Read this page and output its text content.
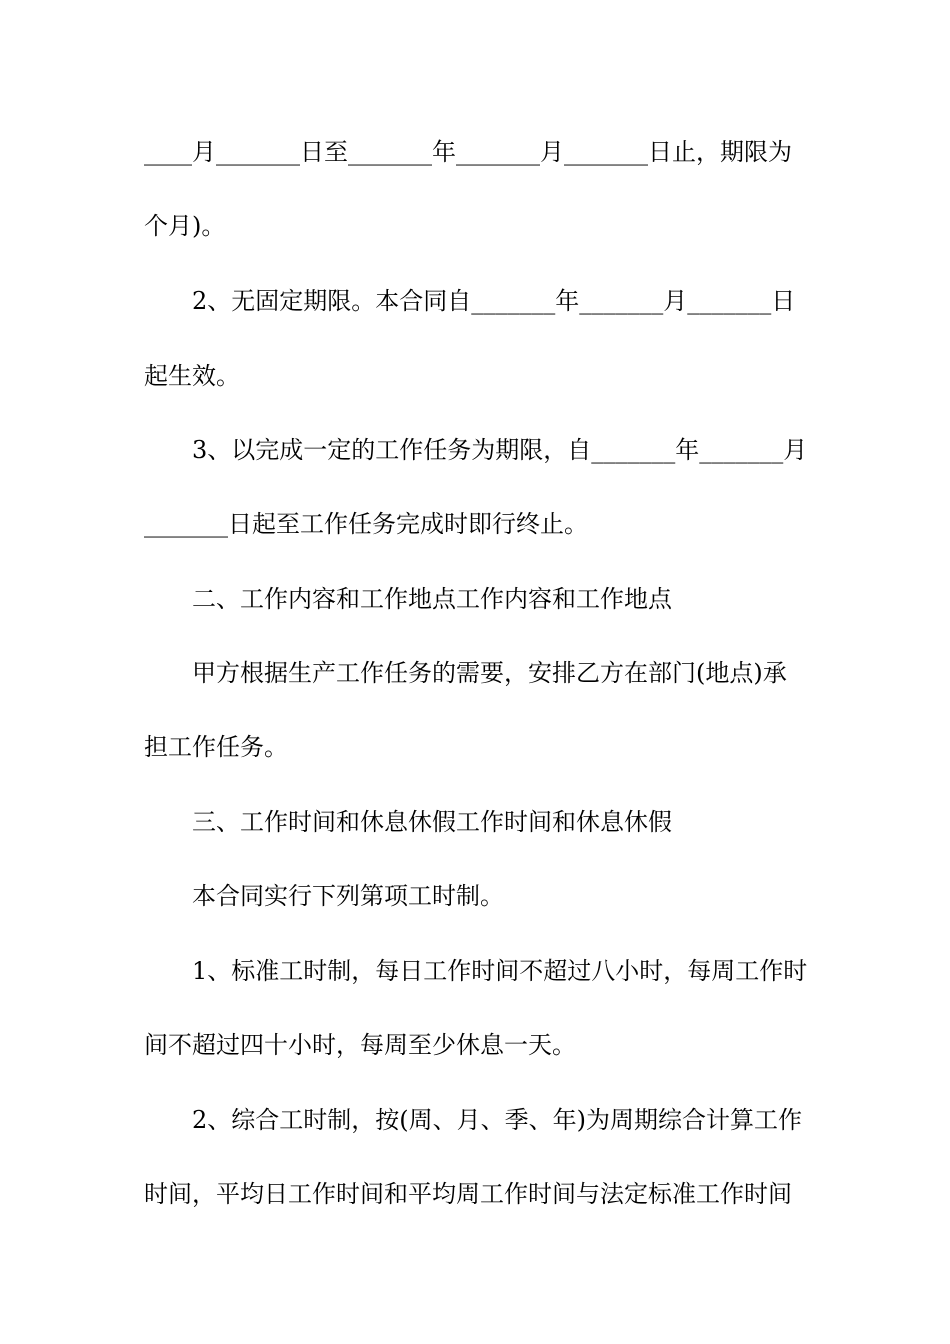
____月_______日至_______年_______月_______日止，期限为
个月)。
2、无固定期限。本合同自_______年_______月_______日
起生效。
3、以完成一定的工作任务为期限，自_______年_______月
_______日起至工作任务完成时即行终止。
二、工作内容和工作地点工作内容和工作地点
甲方根据生产工作任务的需要，安排乙方在部门(地点)承
担工作任务。
三、工作时间和休息休假工作时间和休息休假
本合同实行下列第项工时制。
1、标准工时制，每日工作时间不超过八小时，每周工作时
间不超过四十小时，每周至少休息一天。
2、综合工时制，按(周、月、季、年)为周期综合计算工作
时间，平均日工作时间和平均周工作时间与法定标准工作时间
